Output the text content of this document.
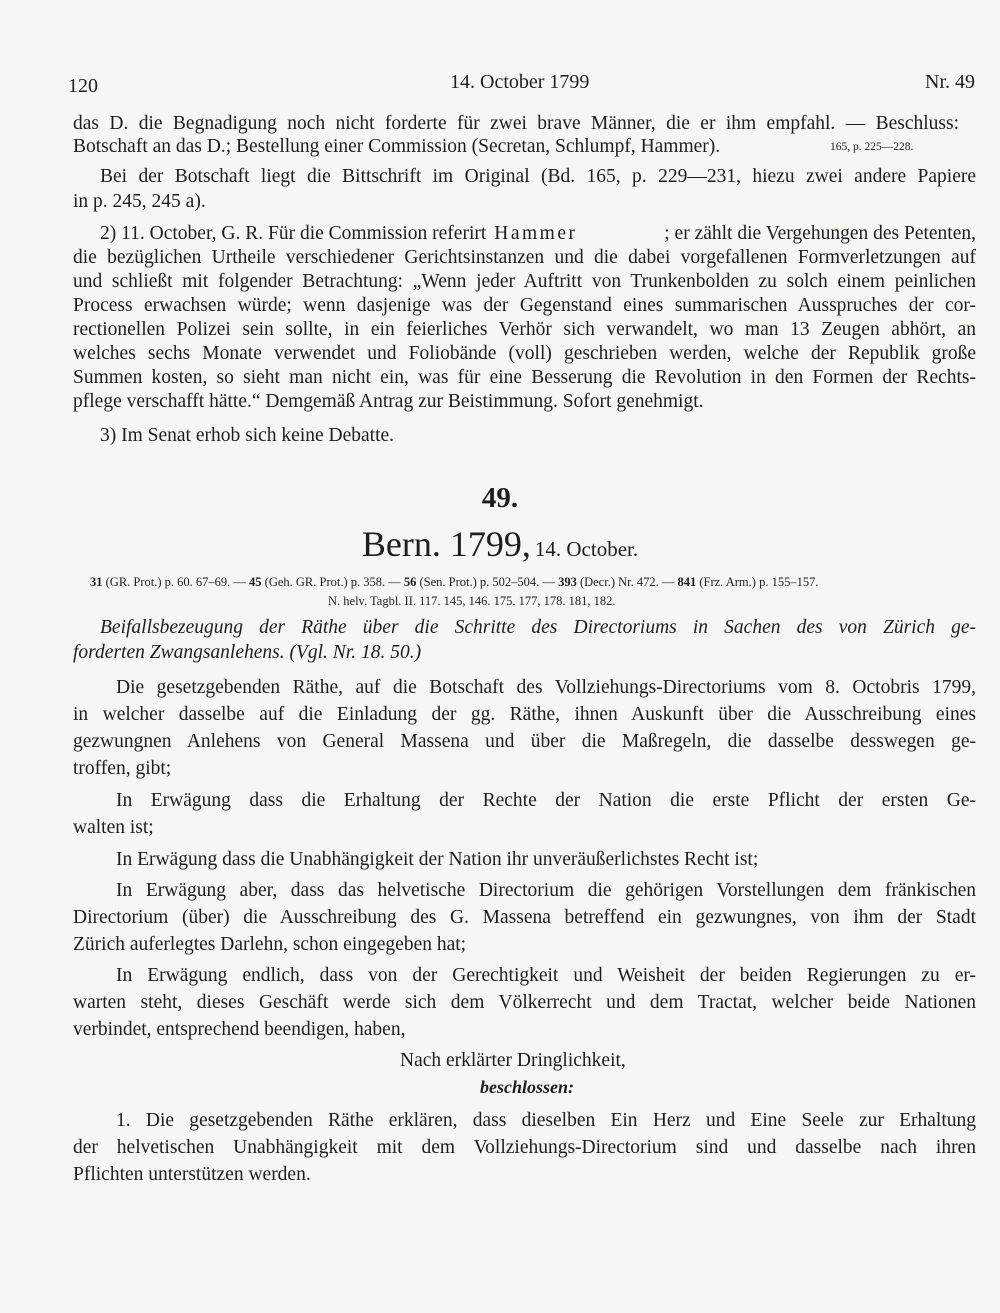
120	14. October 1799	Nr. 49
das D. die Begnadigung noch nicht forderte für zwei brave Männer, die er ihm empfahl. — Beschluss:
Botschaft an das D.; Bestellung einer Commission (Secretan, Schlumpf, Hammer).	165, p. 225—228.
Bei der Botschaft liegt die Bittschrift im Original (Bd. 165, p. 229—231, hiezu zwei andere Papiere
in p. 245, 245 a).
2) 11. October, G. R. Für die Commission referirt Hammer	; er zählt die Vergehungen des Petenten,
die bezüglichen Urtheile verschiedener Gerichtsinstanzen und die dabei vorgefallenen Formverletzungen auf
und schließt mit folgender Betrachtung: „Wenn jeder Auftritt von Trunkenbolden zu solch einem peinlichen
Process erwachsen würde; wenn dasjenige was der Gegenstand eines summarischen Ausspruches der cor-
rectionellen Polizei sein sollte, in ein feierliches Verhör sich verwandelt, wo man 13 Zeugen abhört, an
welches sechs Monate verwendet und Foliobände (voll) geschrieben werden, welche der Republik große
Summen kosten, so sieht man nicht ein, was für eine Besserung die Revolution in den Formen der Rechts-
pflege verschafft hätte.“ Demgemäß Antrag zur Beistimmung. Sofort genehmigt.
3) Im Senat erhob sich keine Debatte.
49.
Bern. 1799, 14. October.
31 (GR. Prot.) p. 60. 67–69. — 45 (Geh. GR. Prot.) p. 358. — 56 (Sen. Prot.) p. 502–504. — 393 (Decr.) Nr. 472. — 841 (Frz. Arm.) p. 155–157.
N. helv. Tagbl. II. 117. 145, 146. 175. 177, 178. 181, 182.
Beifallsbezeugung der Räthe über die Schritte des Directoriums in Sachen des von Zürich ge-
forderten Zwangsanlehens. (Vgl. Nr. 18. 50.)
Die gesetzgebenden Räthe, auf die Botschaft des Vollziehungs-Directoriums vom 8. Octobris 1799,
in welcher dasselbe auf die Einladung der gg. Räthe, ihnen Auskunft über die Ausschreibung eines
gezwungnen Anlehens von General Massena und über die Maßregeln, die dasselbe desswegen ge-
troffen, gibt;
In Erwägung dass die Erhaltung der Rechte der Nation die erste Pflicht der ersten Ge-
walten ist;
In Erwägung dass die Unabhängigkeit der Nation ihr unveräußerlichstes Recht ist;
In Erwägung aber, dass das helvetische Directorium die gehörigen Vorstellungen dem fränkischen
Directorium (über) die Ausschreibung des G. Massena betreffend ein gezwungnes, von ihm der Stadt
Zürich auferlegtes Darlehn, schon eingegeben hat;
In Erwägung endlich, dass von der Gerechtigkeit und Weisheit der beiden Regierungen zu er-
warten steht, dieses Geschäft werde sich dem Völkerrecht und dem Tractat, welcher beide Nationen
verbindet, entsprechend beendigen, haben,
Nach erklärter Dringlichkeit,
beschlossen:
1. Die gesetzgebenden Räthe erklären, dass dieselben Ein Herz und Eine Seele zur Erhaltung
der helvetischen Unabhängigkeit mit dem Vollziehungs-Directorium sind und dasselbe nach ihren
Pflichten unterstützen werden.
